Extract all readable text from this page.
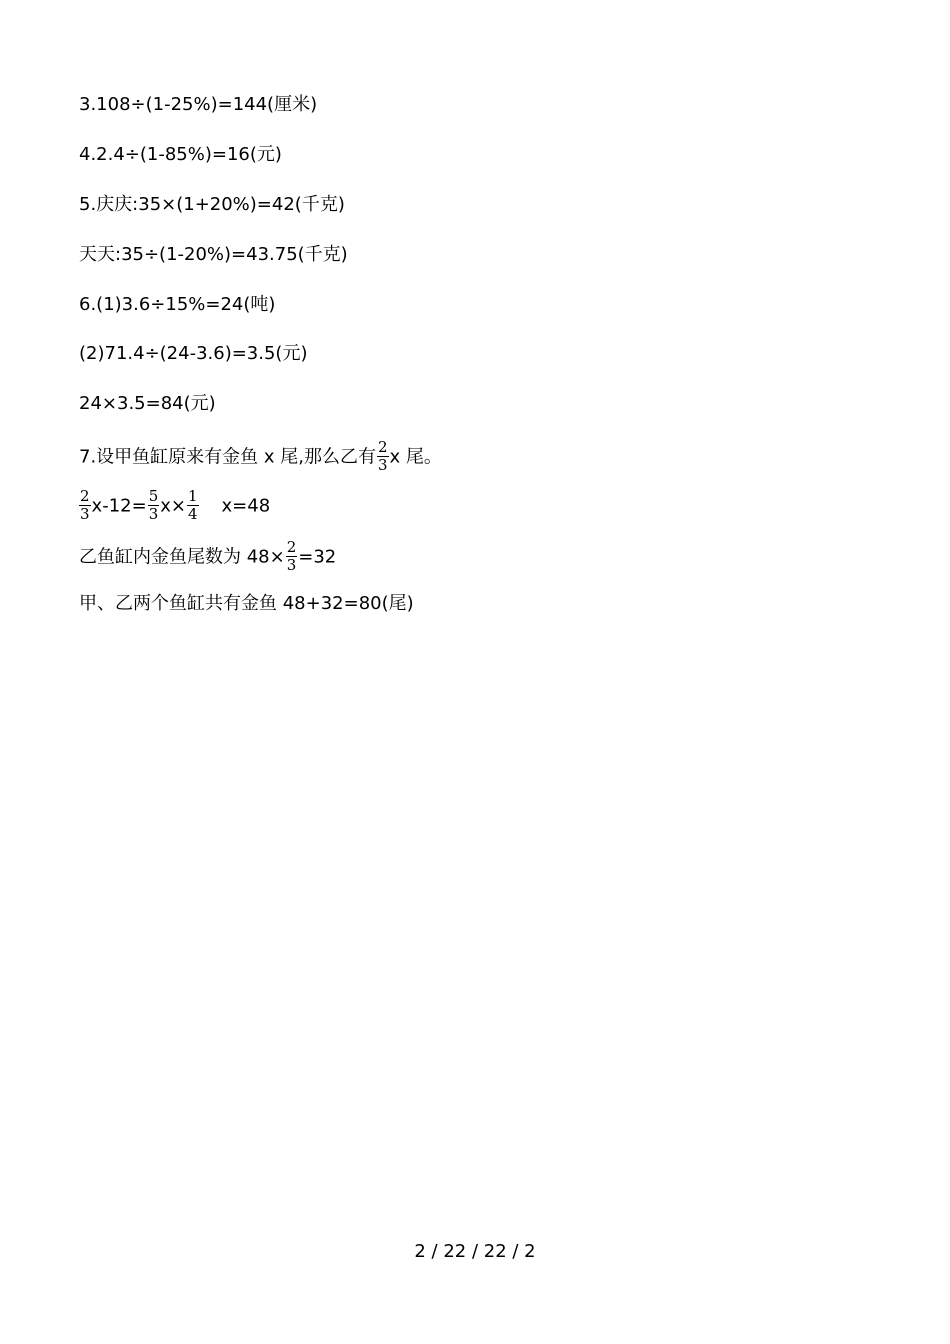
3.108÷(1-25%)=144(厘米)
4.2.4÷(1-85%)=16(元)
5.庆庆:35×(1+20%)=42(千克)
天天:35÷(1-20%)=43.75(千克)
6.(1)3.6÷15%=24(吨)
(2)71.4÷(24-3.6)=3.5(元)
24×3.5=84(元)
7.设甲鱼缸原来有金鱼 x 尾,那么乙有 $\frac{2}{3}$ x 尾。
$\frac{2}{3} x-12= \frac{5}{3} x\times \frac{1}{4} x=48$
乙鱼缸内金鱼尾数为 $48\times \frac{2}{3} =32$
甲、乙两个鱼缸共有金鱼 48+32=80(尾)
2 / 22 / 22 / 2
